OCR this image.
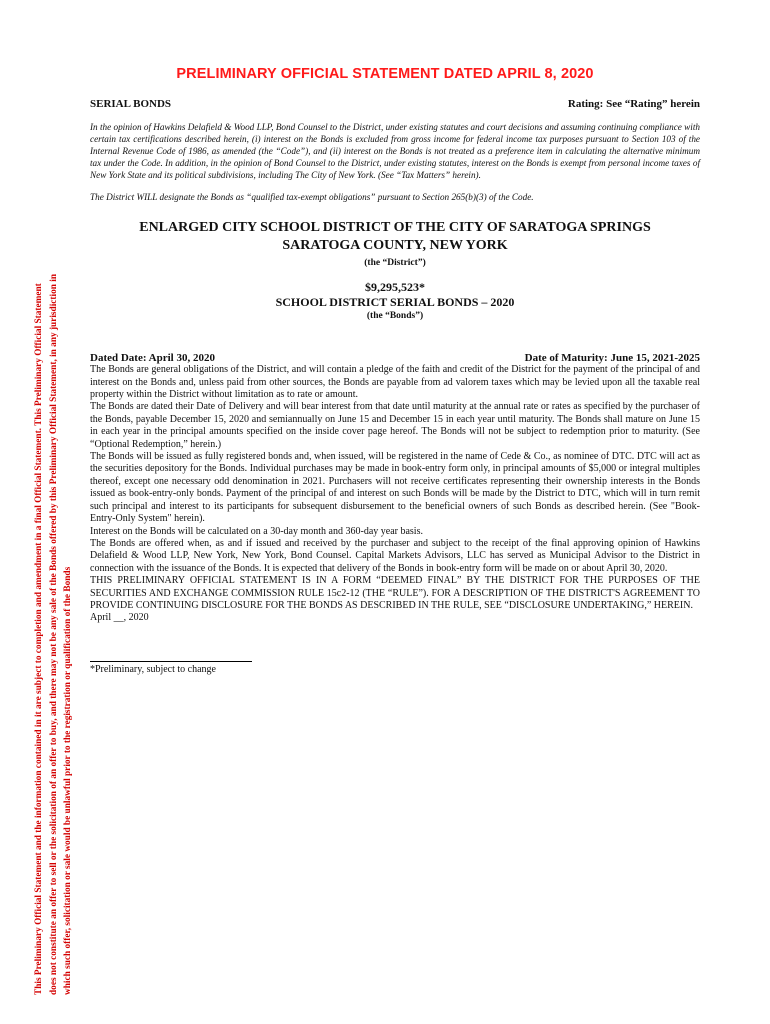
PRELIMINARY OFFICIAL STATEMENT DATED APRIL 8, 2020
This Preliminary Official Statement and the information contained in it are subject to completion and amendment in a final Official Statement. This Preliminary Official Statement does not constitute an offer to sell or the solicitation of an offer to buy, and there may not be any sale of the Bonds offered by this Preliminary Official Statement, in any jurisdiction in which such offer, solicitation or sale would be unlawful prior to the registration or qualification of the Bonds
SERIAL BONDS	Rating: See “Rating” herein
In the opinion of Hawkins Delafield & Wood LLP, Bond Counsel to the District, under existing statutes and court decisions and assuming continuing compliance with certain tax certifications described herein, (i) interest on the Bonds is excluded from gross income for federal income tax purposes pursuant to Section 103 of the Internal Revenue Code of 1986, as amended (the “Code”), and (ii) interest on the Bonds is not treated as a preference item in calculating the alternative minimum tax under the Code. In addition, in the opinion of Bond Counsel to the District, under existing statutes, interest on the Bonds is exempt from personal income taxes of New York State and its political subdivisions, including The City of New York. (See “Tax Matters” herein).
The District WILL designate the Bonds as “qualified tax-exempt obligations” pursuant to Section 265(b)(3) of the Code.
ENLARGED CITY SCHOOL DISTRICT OF THE CITY OF SARATOGA SPRINGS
SARATOGA COUNTY, NEW YORK
(the “District”)
$9,295,523*
SCHOOL DISTRICT SERIAL BONDS – 2020
(the “Bonds”)
Dated Date: April 30, 2020	Date of Maturity: June 15, 2021-2025

The Bonds are general obligations of the District, and will contain a pledge of the faith and credit of the District for the payment of the principal of and interest on the Bonds and, unless paid from other sources, the Bonds are payable from ad valorem taxes which may be levied upon all the taxable real property within the District without limitation as to rate or amount.

The Bonds are dated their Date of Delivery and will bear interest from that date until maturity at the annual rate or rates as specified by the purchaser of the Bonds, payable December 15, 2020 and semiannually on June 15 and December 15 in each year until maturity. The Bonds shall mature on June 15 in each year in the principal amounts specified on the inside cover page hereof. The Bonds will not be subject to redemption prior to maturity. (See “Optional Redemption,” herein.)

The Bonds will be issued as fully registered bonds and, when issued, will be registered in the name of Cede & Co., as nominee of DTC. DTC will act as the securities depository for the Bonds. Individual purchases may be made in book-entry form only, in principal amounts of $5,000 or integral multiples thereof, except one necessary odd denomination in 2021. Purchasers will not receive certificates representing their ownership interests in the Bonds issued as book-entry-only bonds. Payment of the principal of and interest on such Bonds will be made by the District to DTC, which will in turn remit such principal and interest to its participants for subsequent disbursement to the beneficial owners of such Bonds as described herein. (See "Book-Entry-Only System" herein).

Interest on the Bonds will be calculated on a 30-day month and 360-day year basis.

The Bonds are offered when, as and if issued and received by the purchaser and subject to the receipt of the final approving opinion of Hawkins Delafield & Wood LLP, New York, New York, Bond Counsel. Capital Markets Advisors, LLC has served as Municipal Advisor to the District in connection with the issuance of the Bonds. It is expected that delivery of the Bonds in book-entry form will be made on or about April 30, 2020.

THIS PRELIMINARY OFFICIAL STATEMENT IS IN A FORM “DEEMED FINAL” BY THE DISTRICT FOR THE PURPOSES OF THE SECURITIES AND EXCHANGE COMMISSION RULE 15c2-12 (THE “RULE”). FOR A DESCRIPTION OF THE DISTRICT'S AGREEMENT TO PROVIDE CONTINUING DISCLOSURE FOR THE BONDS AS DESCRIBED IN THE RULE, SEE “DISCLOSURE UNDERTAKING,” HEREIN.

April __, 2020

*Preliminary, subject to change
